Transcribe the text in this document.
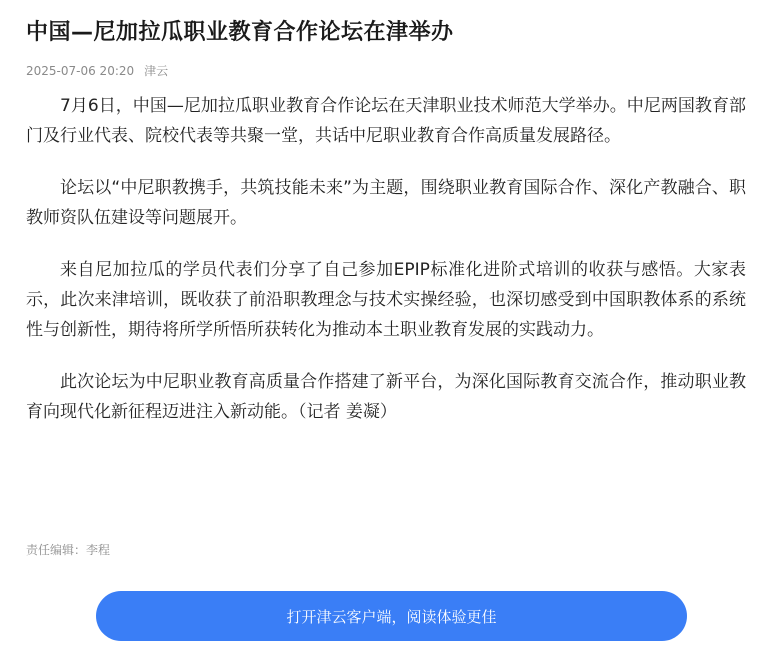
中国—尼加拉瓜职业教育合作论坛在津举办
2025-07-06 20:20 津云

7月6日，中国—尼加拉瓜职业教育合作论坛在天津职业技术师范大学举办。中尼两国教育部门及行业代表、院校代表等共聚一堂，共话中尼职业教育合作高质量发展路径。

论坛以“中尼职教携手，共筑技能未来”为主题，围绕职业教育国际合作、深化产教融合、职教师资队伍建设等问题展开。

来自尼加拉瓜的学员代表们分享了自己参加EPIP标准化进阶式培训的收获与感悟。大家表示，此次来津培训，既收获了前沿职教理念与技术实操经验，也深切感受到中国职教体系的系统性与创新性，期待将所学所悟所获转化为推动本土职业教育发展的实践动力。

此次论坛为中尼职业教育高质量合作搭建了新平台，为深化国际教育交流合作，推动职业教育向现代化新征程迈进注入新动能。（记者 姜凝）

责任编辑：李程
打开津云客户端，阅读体验更佳
